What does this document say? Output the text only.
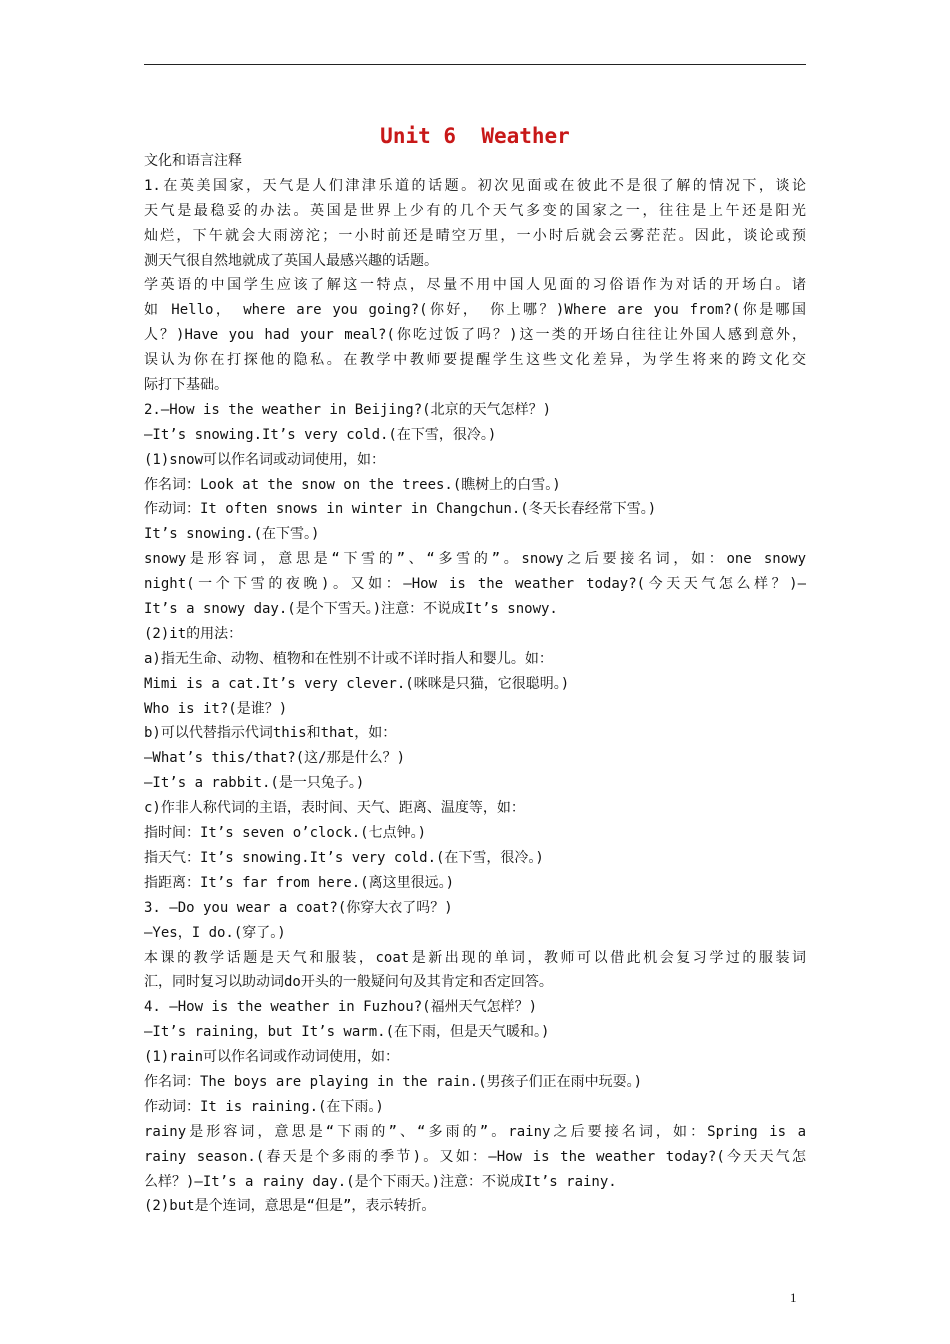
Unit 6  Weather
文化和语言注释
1.在英美国家，天气是人们津津乐道的话题。初次见面或在彼此不是很了解的情况下，谈论
天气是最稳妥的办法。英国是世界上少有的几个天气多变的国家之一，往往是上午还是阳光
灿烂，下午就会大雨滂沱；一小时前还是晴空万里，一小时后就会云雾茫茫。因此，谈论或预
测天气很自然地就成了英国人最感兴趣的话题。
学英语的中国学生应该了解这一特点，尽量不用中国人见面的习俗语作为对话的开场白。诸
如 Hello， where are you going?(你好， 你上哪？)Where are you from?(你是哪国
人？)Have you had your meal?(你吃过饭了吗？)这一类的开场白往往让外国人感到意外，
误认为你在打探他的隐私。在教学中教师要提醒学生这些文化差异，为学生将来的跨文化交
际打下基础。
2.—How is the weather in Beijing?(北京的天气怎样？)
—It’s snowing.It’s very cold.(在下雪，很冷。)
(1)snow可以作名词或动词使用，如：
作名词：Look at the snow on the trees.(瞧树上的白雪。)
作动词：It often snows in winter in Changchun.(冬天长春经常下雪。)
It’s snowing.(在下雪。)
snowy是形容词，意思是“下雪的”、“多雪的”。snowy之后要接名词，如：one snowy
night(一个下雪的夜晚)。又如：—How is the weather today?(今天天气怎么样？)—
It’s a snowy day.(是个下雪天。)注意：不说成It’s snowy.
(2)it的用法：
a)指无生命、动物、植物和在性别不计或不详时指人和婴儿。如：
Mimi is a cat.It’s very clever.(咪咪是只猫，它很聪明。)
Who is it?(是谁？)
b)可以代替指示代词this和that，如：
—What’s this/that?(这/那是什么？)
—It’s a rabbit.(是一只兔子。)
c)作非人称代词的主语，表时间、天气、距离、温度等，如：
指时间：It’s seven o’clock.(七点钟。)
指天气：It’s snowing.It’s very cold.(在下雪，很冷。)
指距离：It’s far from here.(离这里很远。)
3. —Do you wear a coat?(你穿大衣了吗？)
—Yes，I do.(穿了。)
本课的教学话题是天气和服装，coat是新出现的单词，教师可以借此机会复习学过的服装词
汇，同时复习以助动词do开头的一般疑问句及其肯定和否定回答。
4. —How is the weather in Fuzhou?(福州天气怎样？)
—It’s raining，but It’s warm.(在下雨，但是天气暖和。)
(1)rain可以作名词或作动词使用，如：
作名词：The boys are playing in the rain.(男孩子们正在雨中玩耍。)
作动词：It is raining.(在下雨。)
rainy是形容词，意思是“下雨的”、“多雨的”。rainy之后要接名词，如：Spring is a
rainy season.(春天是个多雨的季节)。又如：—How is the weather today?(今天天气怎
么样？)—It’s a rainy day.(是个下雨天。)注意：不说成It’s rainy.
(2)but是个连词，意思是“但是”，表示转折。
1
